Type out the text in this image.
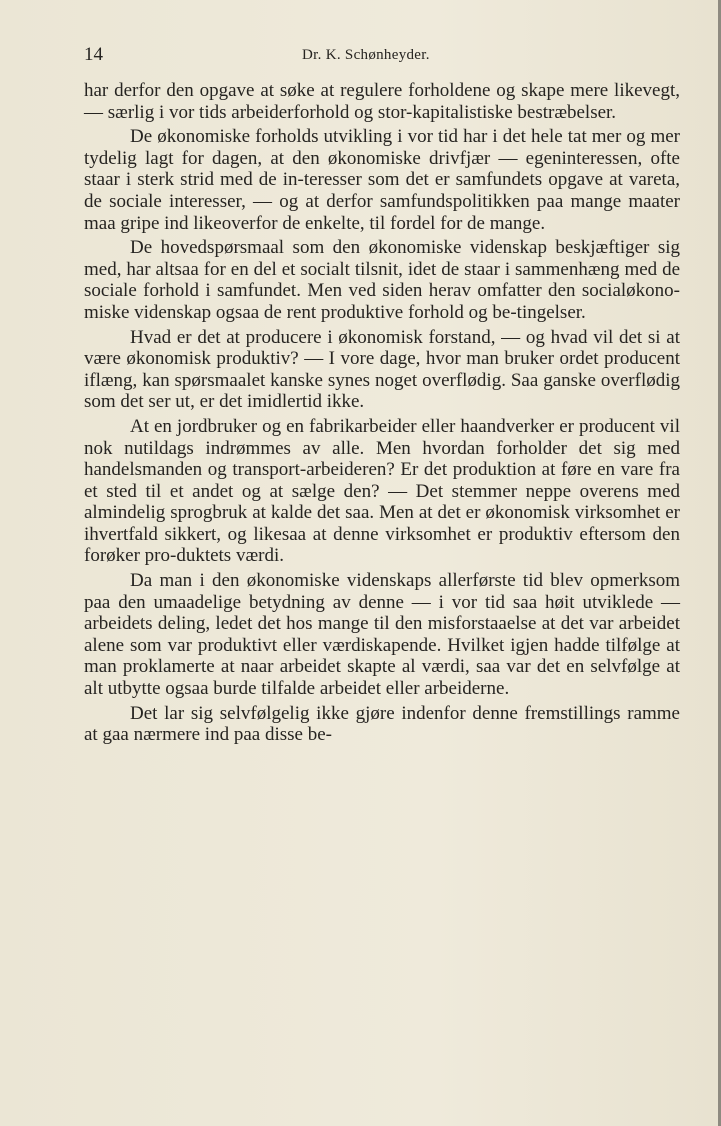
14	Dr. K. Schønheyder.

har derfor den opgave at søke at regulere forholdene og skape mere likevegt, — særlig i vor tids arbeiderforhold og stor-kapitalistiske bestræbelser.

De økonomiske forholds utvikling i vor tid har i det hele tat mer og mer tydelig lagt for dagen, at den økonomiske drivfjær — egeninteressen, ofte staar i sterk strid med de in-teresser som det er samfundets opgave at vareta, de sociale interesser, — og at derfor samfundspolitikken paa mange maater maa gripe ind likeoverfor de enkelte, til fordel for de mange.

De hovedspørsmaal som den økonomiske videnskap beskjæftiger sig med, har altsaa for en del et socialt tilsnit, idet de staar i sammenhæng med de sociale forhold i samfundet. Men ved siden herav omfatter den socialøkono-miske videnskap ogsaa de rent produktive forhold og be-tingelser.

Hvad er det at producere i økonomisk forstand, — og hvad vil det si at være økonomisk produktiv? — I vore dage, hvor man bruker ordet producent iflæng, kan spørsmaalet kanske synes noget overflødig. Saa ganske overflødig som det ser ut, er det imidlertid ikke.

At en jordbruker og en fabrikarbeider eller haandverker er producent vil nok nutildags indrømmes av alle. Men hvordan forholder det sig med handelsmanden og transport-arbeideren? Er det produktion at føre en vare fra et sted til et andet og at sælge den? — Det stemmer neppe overens med almindelig sprogbruk at kalde det saa. Men at det er økonomisk virksomhet er ihvertfald sikkert, og likesaa at denne virksomhet er produktiv eftersom den forøker pro-duktets værdi.

Da man i den økonomiske videnskaps allerførste tid blev opmerksom paa den umaadelige betydning av denne — i vor tid saa høit utviklede — arbeidets deling, ledet det hos mange til den misforstaaelse at det var arbeidet alene som var produktivt eller værdiskapende. Hvilket igjen hadde tilfølge at man proklamerte at naar arbeidet skapte al værdi, saa var det en selvfølge at alt utbytte ogsaa burde tilfalde arbeidet eller arbeiderne.

Det lar sig selvfølgelig ikke gjøre indenfor denne fremstillings ramme at gaa nærmere ind paa disse be-
